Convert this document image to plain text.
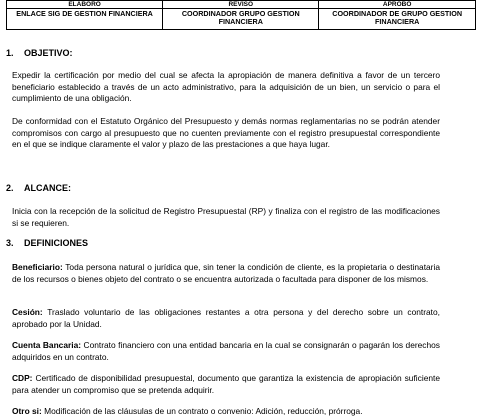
ELABORO	REVISO	APROBO
ENLACE SIG DE GESTION FINANCIERA	COORDINADOR GRUPO GESTION FINANCIERA	COORDINADOR DE GRUPO GESTION FINANCIERA
1. OBJETIVO:
Expedir la certificación por medio del cual se afecta la apropiación de manera definitiva a favor de un tercero beneficiario establecido a través de un acto administrativo, para la adquisición de un bien, un servicio o para el cumplimiento de una obligación.
De conformidad con el Estatuto Orgánico del Presupuesto y demás normas reglamentarias no se podrán atender compromisos con cargo al presupuesto que no cuenten previamente con el registro presupuestal correspondiente en el que se indique claramente el valor y plazo de las prestaciones a que haya lugar.
2. ALCANCE:
Inicia con la recepción de la solicitud de Registro Presupuestal (RP) y finaliza con el registro de las modificaciones si se requieren.
3. DEFINICIONES
Beneficiario: Toda persona natural o jurídica que, sin tener la condición de cliente, es la propietaria o destinataria de los recursos o bienes objeto del contrato o se encuentra autorizada o facultada para disponer de los mismos.
Cesión: Traslado voluntario de las obligaciones restantes a otra persona y del derecho sobre un contrato, aprobado por la Unidad.
Cuenta Bancaria: Contrato financiero con una entidad bancaria en la cual se consignarán o pagarán los derechos adquiridos en un contrato.
CDP: Certificado de disponibilidad presupuestal, documento que garantiza la existencia de apropiación suficiente para atender un compromiso que se pretenda adquirir.
Otro si: Modificación de las cláusulas de un contrato o convenio: Adición, reducción, prórroga.
